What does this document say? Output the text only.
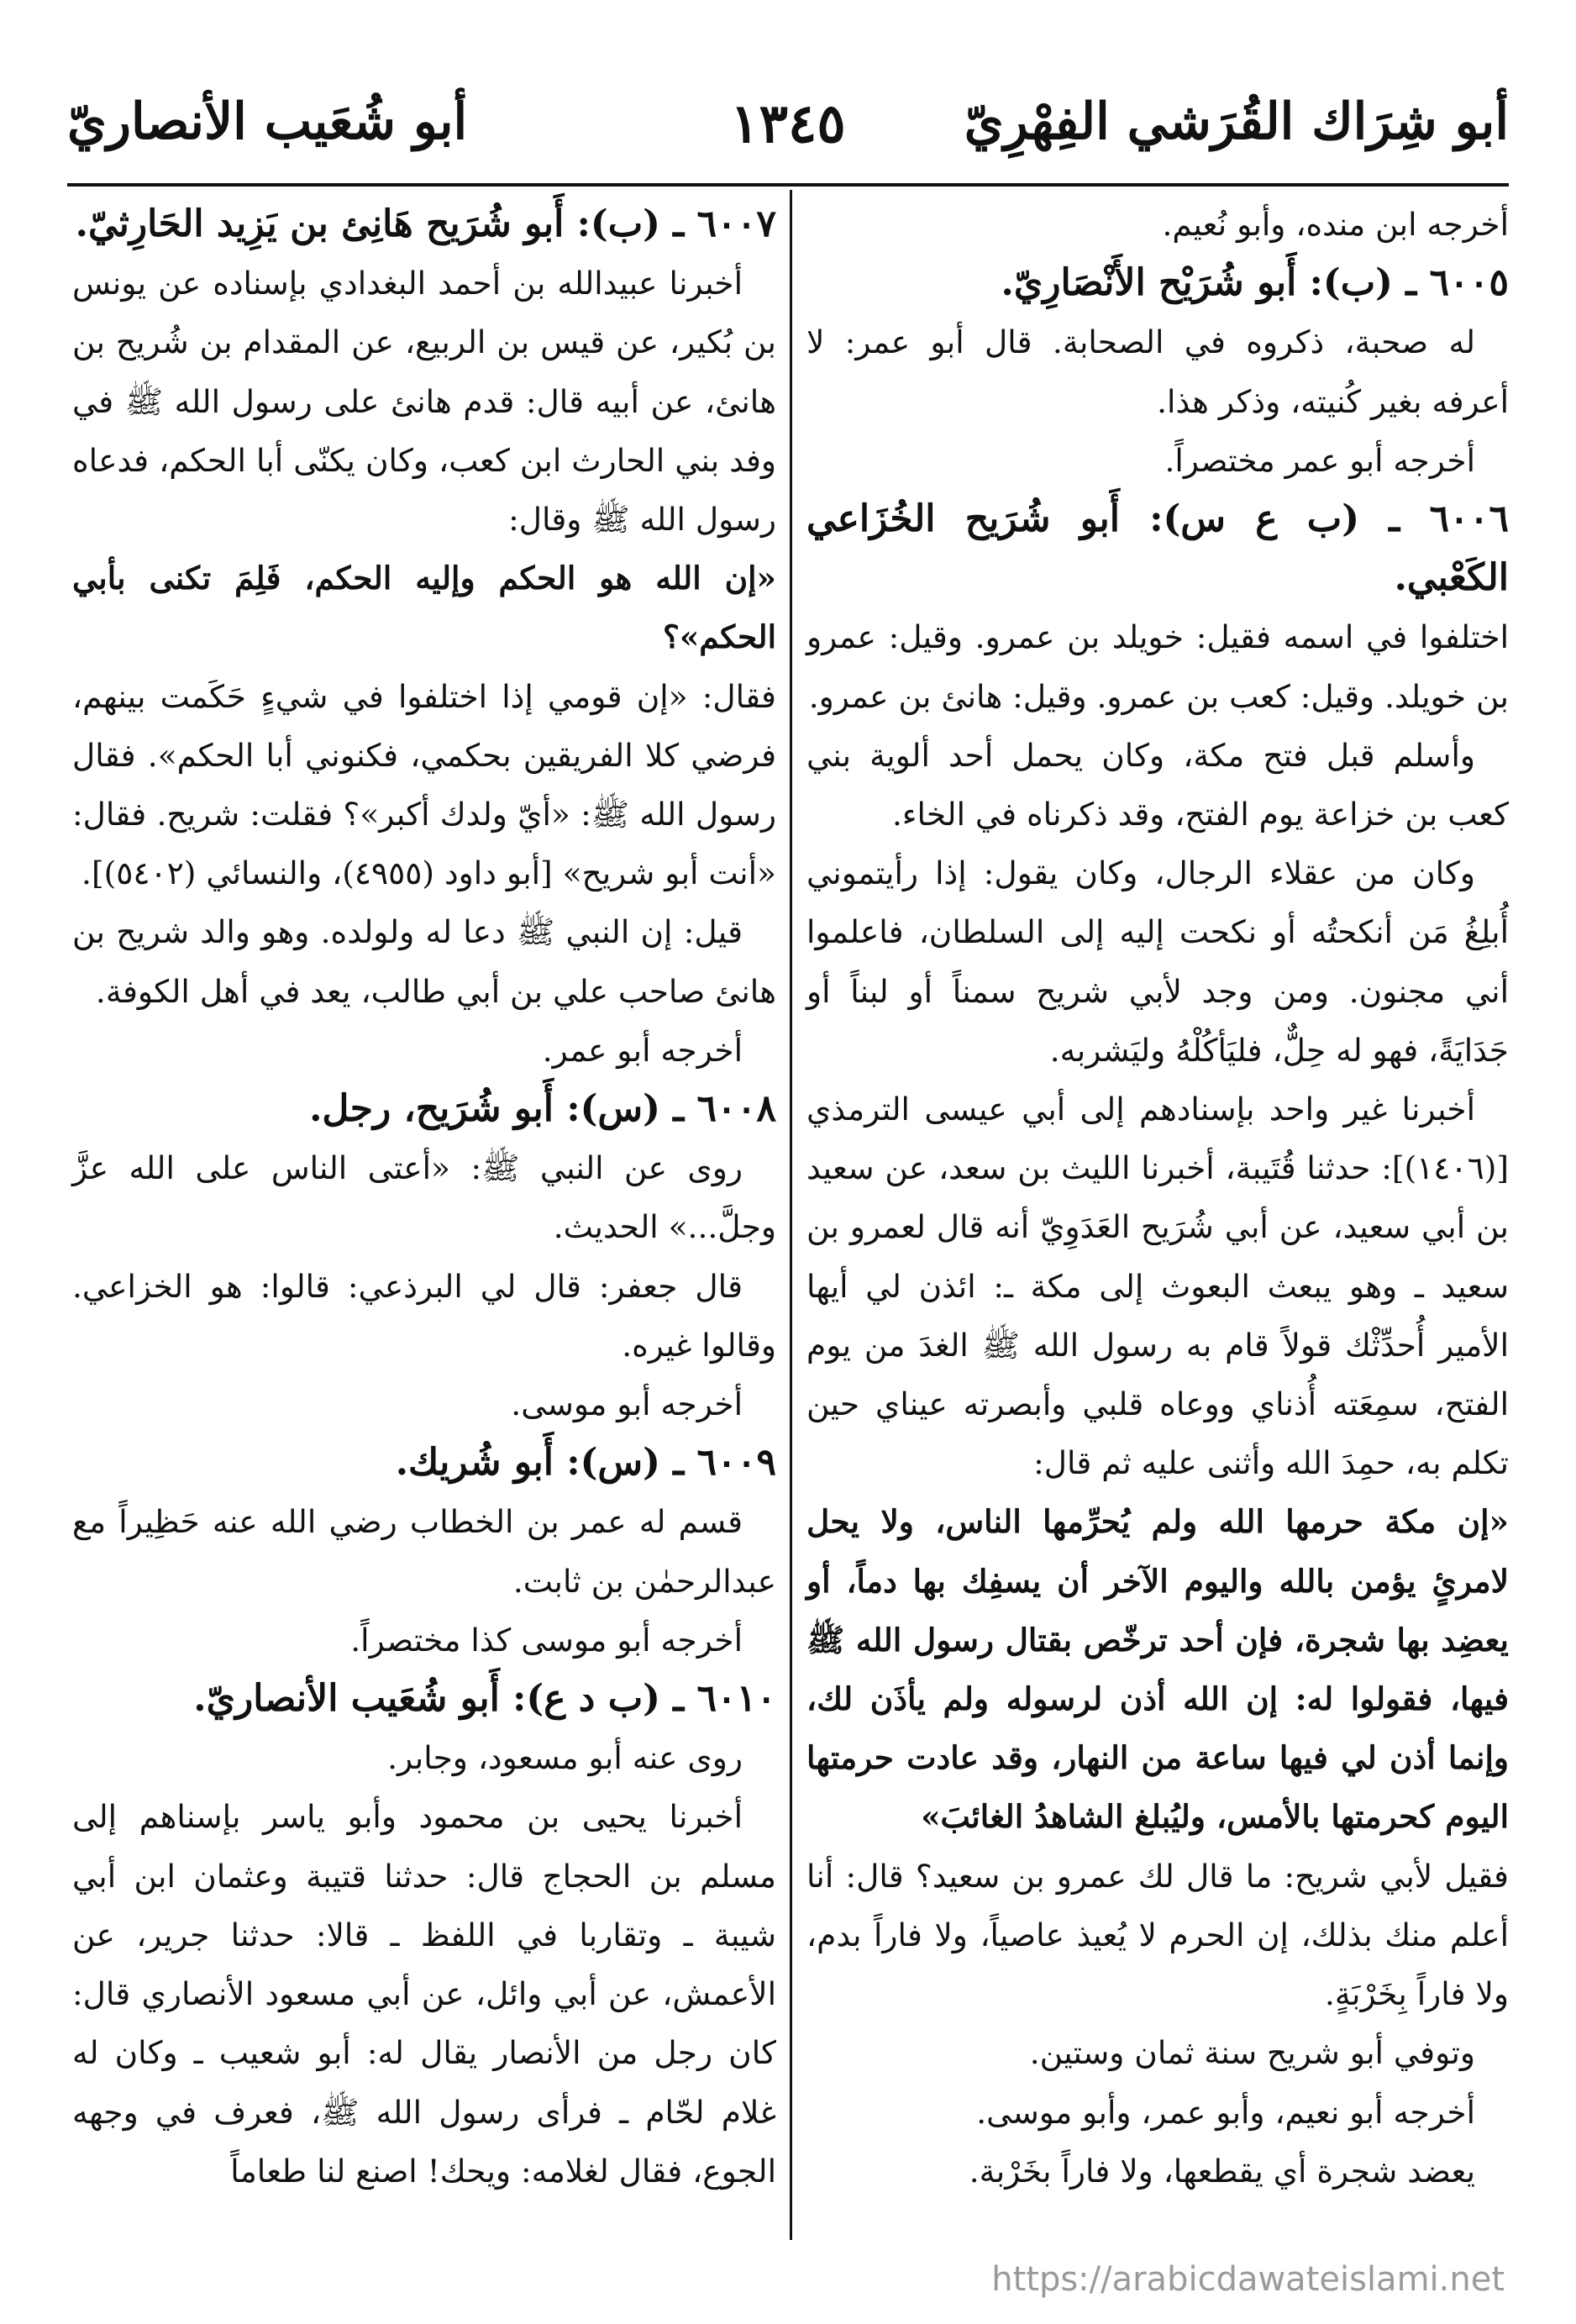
أبو شِرَاك القُرَشي الفِهْرِيّ
١٣٤٥
أبو شُعَيب الأنصاريّ

أخرجه ابن منده، وأبو نُعيم.

٦٠٠٥ ـ (ب): أَبو شُرَيْح الأَنْصَارِيّ.

له صحبة، ذكروه في الصحابة. قال أبو عمر: لا أعرفه بغير كُنيته، وذكر هذا.

أخرجه أبو عمر مختصراً.

٦٠٠٦ ـ (ب ع س): أَبو شُرَيح الخُزَاعي الكَعْبي.

اختلفوا في اسمه فقيل: خويلد بن عمرو. وقيل: عمرو بن خويلد. وقيل: كعب بن عمرو. وقيل: هانئ بن عمرو.

وأسلم قبل فتح مكة، وكان يحمل أحد ألوية بني كعب بن خزاعة يوم الفتح، وقد ذكرناه في الخاء.

وكان من عقلاء الرجال، وكان يقول: إذا رأيتموني أُبلِغُ مَن أنكحتُه أو نكحت إليه إلى السلطان، فاعلموا أني مجنون. ومن وجد لأبي شريح سمناً أو لبناً أو جَدَايَةً، فهو له حِلٌّ، فليَأكُلْهُ وليَشربه.

أخبرنا غير واحد بإسنادهم إلى أبي عيسى الترمذي [(١٤٠٦)]: حدثنا قُتَيبة، أخبرنا الليث بن سعد، عن سعيد بن أبي سعيد، عن أبي شُرَيح العَدَوِيّ أنه قال لعمرو بن سعيد ـ وهو يبعث البعوث إلى مكة ـ: ائذن لي أيها الأمير أُحدِّثْك قولاً قام به رسول الله ﷺ الغدَ من يوم الفتح، سمِعَته أُذناي ووعاه قلبي وأبصرته عيناي حين تكلم به، حمِدَ الله وأثنى عليه ثم قال:

«إن مكة حرمها الله ولم يُحرِّمها الناس، ولا يحل لامرئٍ يؤمن بالله واليوم الآخر أن يسفِك بها دماً، أو يعضِد بها شجرة، فإن أحد ترخّص بقتال رسول الله ﷺ فيها، فقولوا له: إن الله أذن لرسوله ولم يأذَن لك، وإنما أذن لي فيها ساعة من النهار، وقد عادت حرمتها اليوم كحرمتها بالأمس، وليُبلغ الشاهدُ الغائبَ»

فقيل لأبي شريح: ما قال لك عمرو بن سعيد؟ قال: أنا أعلم منك بذلك، إن الحرم لا يُعيذ عاصياً، ولا فاراً بدم، ولا فاراً بِخَرْبَةٍ.

وتوفي أبو شريح سنة ثمان وستين.

أخرجه أبو نعيم، وأبو عمر، وأبو موسى.

يعضد شجرة أي يقطعها، ولا فاراً بخَرْبة.

٦٠٠٧ ـ (ب): أَبو شُرَيح هَانِئ بن يَزِيد الحَارِثيّ.

أخبرنا عبيدالله بن أحمد البغدادي بإسناده عن يونس بن بُكير، عن قيس بن الربيع، عن المقدام بن شُريح بن هانئ، عن أبيه قال: قدم هانئ على رسول الله ﷺ في وفد بني الحارث ابن كعب، وكان يكنّى أبا الحكم، فدعاه رسول الله ﷺ وقال:

«إن الله هو الحكم وإليه الحكم، فَلِمَ تكنى بأبي الحكم»؟

فقال: «إن قومي إذا اختلفوا في شيءٍ حَكَمت بينهم، فرضي كلا الفريقين بحكمي، فكنوني أبا الحكم». فقال رسول الله ﷺ: «أيّ ولدك أكبر»؟ فقلت: شريح. فقال: «أنت أبو شريح» [أبو داود (٤٩٥٥)، والنسائي (٥٤٠٢)].

قيل: إن النبي ﷺ دعا له ولولده. وهو والد شريح بن هانئ صاحب علي بن أبي طالب، يعد في أهل الكوفة.

أخرجه أبو عمر.

٦٠٠٨ ـ (س): أَبو شُرَيح، رجل.

روى عن النبي ﷺ: «أعتى الناس على الله عزَّ وجلَّ...» الحديث.

قال جعفر: قال لي البرذعي: قالوا: هو الخزاعي. وقالوا غيره.

أخرجه أبو موسى.

٦٠٠٩ ـ (س): أَبو شُريك.

قسم له عمر بن الخطاب رضي الله عنه حَظِيراً مع عبدالرحمٰن بن ثابت.

أخرجه أبو موسى كذا مختصراً.

٦٠١٠ ـ (ب د ع): أَبو شُعَيب الأنصاريّ.

روى عنه أبو مسعود، وجابر.

أخبرنا يحيى بن محمود وأبو ياسر بإسناهم إلى مسلم بن الحجاج قال: حدثنا قتيبة وعثمان ابن أبي شيبة ـ وتقاربا في اللفظ ـ قالا: حدثنا جرير، عن الأعمش، عن أبي وائل، عن أبي مسعود الأنصاري قال: كان رجل من الأنصار يقال له: أبو شعيب ـ وكان له غلام لحّام ـ فرأى رسول الله ﷺ، فعرف في وجهه الجوع، فقال لغلامه: ويحك! اصنع لنا طعاماً

https://arabicdawateislami.net
